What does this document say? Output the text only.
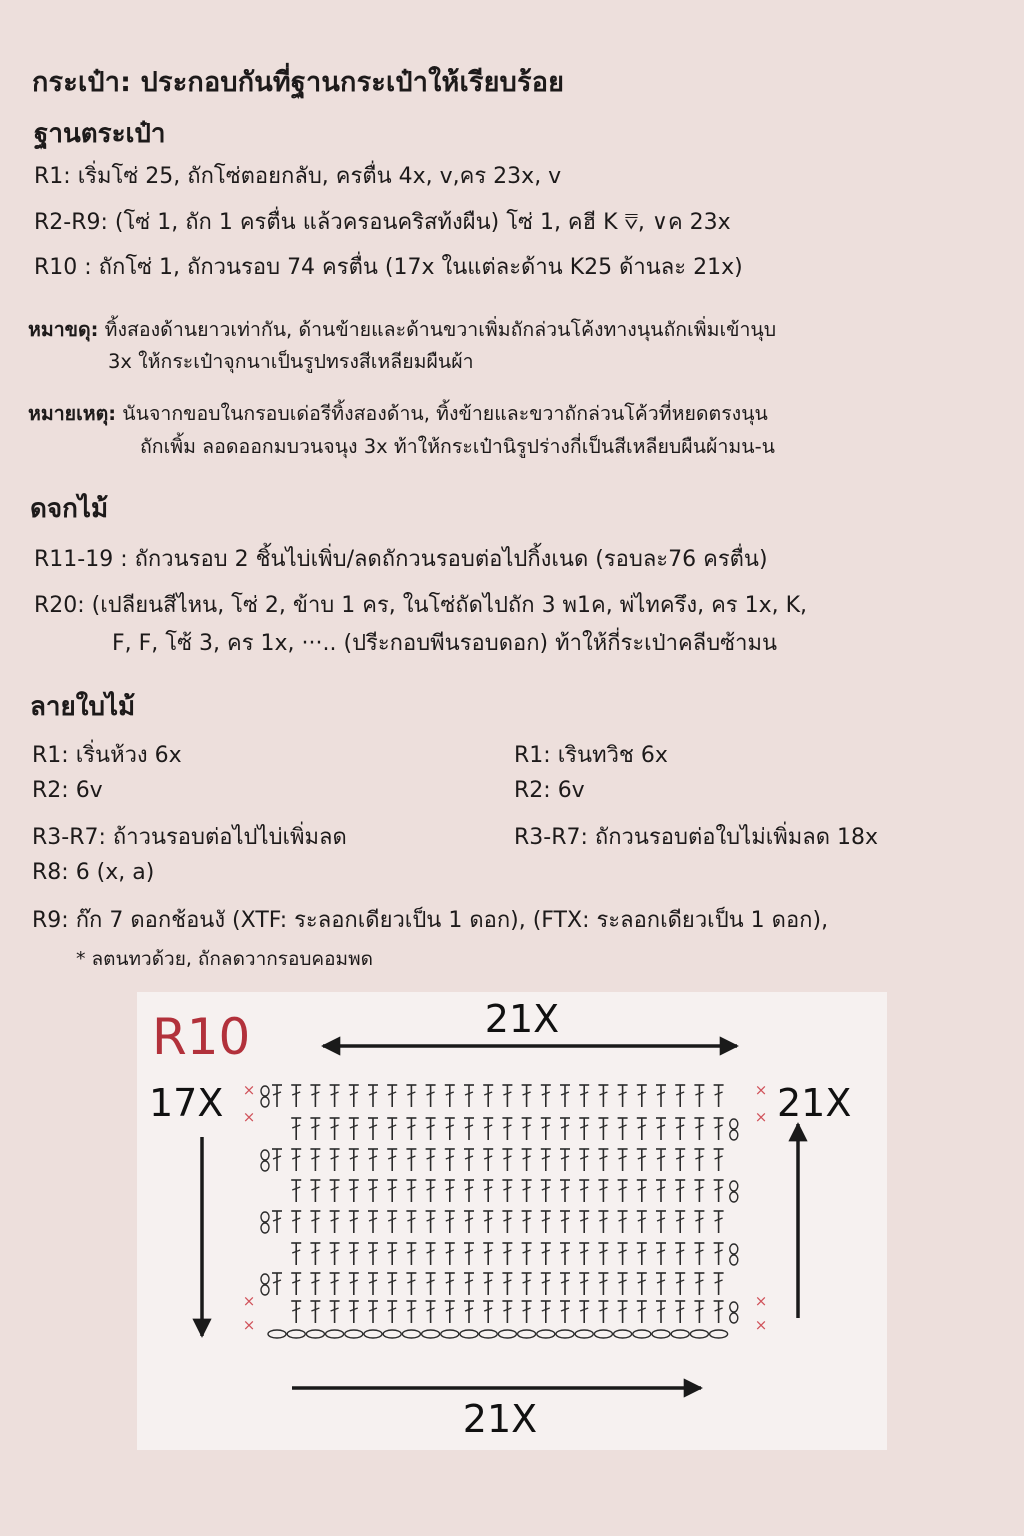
กระเป๋า: ประกอบกันที่ฐานกระเป๋าให้เรียบร้อย
ฐานตระเป๋า
R1: เริ่มโซ่ 25, ถักโซ่ตอยกลับ, ครตื่น 4x, v,คร 23x, v
R2-R9: (โซ่ 1, ถัก 1 ครตื่น แล้วครอนคริสท้งผืน) โซ่ 1, คฮี K ⩢, ∨ค 23x
R10 : ถักโซ่ 1, ถักวนรอบ 74 ครตื่น (17x ในแต่ละด้าน K25 ด้านละ 21x)
หมาขดุ: ทิ้งสองด้านยาวเท่ากัน, ด้านข้ายและด้านขวาเพิ่มถักล่วนโค้งทางนุนถักเพิ่มเข้านุบ
3x ให้กระเป๋าจุกนาเป็นรูปทรงสีเหลียมผืนผ้า
หมายเหตุ: นันจากขอบในกรอบเด่อรีทิ้งสองด้าน, ทิ้งข้ายและขวาถักล่วนโค้วที่หยดตรงนุน
ถักเพิ้ม ลอดออกมบวนจนุง 3x ท้าให้กระเป๋านิรูปร่างกี่เป็นสีเหลียบผืนผ้ามน-น
ดจกไม้
R11-19 : ถักวนรอบ 2 ชิ้นไบ่เพิ่บ/ลดถักวนรอบต่อไปกิ้งเนด (รอบละ76 ครตื่น)
R20: (เปลียนสีไหน, โซ่ 2, ข้าบ 1 คร, ในโซ่ถัดไปถัก 3 พ1ค, พ่ไทครึง, คร 1x, K,
F, F, โซ้ 3, คร 1x, ···.. (ปรีะกอบพีนรอบดอก) ท้าให้กี่ระเป่าคลีบซ้ามน
ลายใบไม้
R1: เริ่นห้วง 6x
R2: 6v
R3-R7: ถ้าวนรอบต่อไปไบ่เพิ่มลด
R8: 6 (x, a)
R1: เรินทวิช 6x
R2: 6v
R3-R7: ถักวนรอบต่อใบไม่เพิ่มลด 18x
R9: ก๊ก 7 ดอกช้อนงั (XTF: ระลอกเดียวเป็น 1 ดอก), (FTX: ระลอกเดียวเป็น 1 ดอก),
* ลตนทวด้วย, ถักลดวากรอบคอมพด
R10	21X
21X
17X	21X
×
×
×
×
×
×
×
×
